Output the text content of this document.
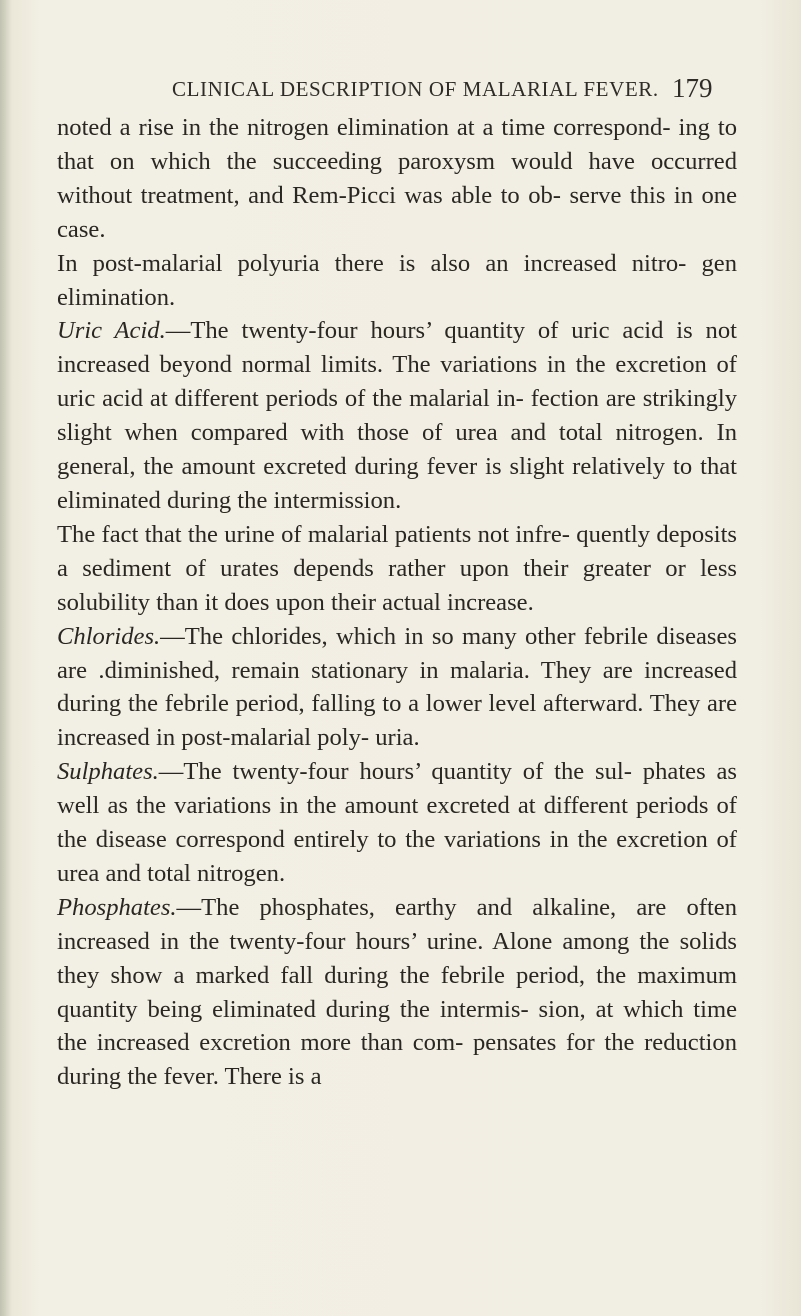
CLINICAL DESCRIPTION OF MALARIAL FEVER. 179

noted a rise in the nitrogen elimination at a time correspond- ing to that on which the succeeding paroxysm would have occurred without treatment, and Rem-Picci was able to ob- serve this in one case.

In post-malarial polyuria there is also an increased nitro- gen elimination.

Uric Acid.—The twenty-four hours’ quantity of uric acid is not increased beyond normal limits. The variations in the excretion of uric acid at different periods of the malarial in- fection are strikingly slight when compared with those of urea and total nitrogen. In general, the amount excreted during fever is slight relatively to that eliminated during the intermission.

The fact that the urine of malarial patients not infre- quently deposits a sediment of urates depends rather upon their greater or less solubility than it does upon their actual increase.

Chlorides.—The chlorides, which in so many other febrile diseases are .diminished, remain stationary in malaria. They are increased during the febrile period, falling to a lower level afterward. They are increased in post-malarial poly- uria.

Sulphates.—The twenty-four hours’ quantity of the sul- phates as well as the variations in the amount excreted at different periods of the disease correspond entirely to the variations in the excretion of urea and total nitrogen.

Phosphates.—The phosphates, earthy and alkaline, are often increased in the twenty-four hours’ urine. Alone among the solids they show a marked fall during the febrile period, the maximum quantity being eliminated during the intermis- sion, at which time the increased excretion more than com- pensates for the reduction during the fever. There is a
